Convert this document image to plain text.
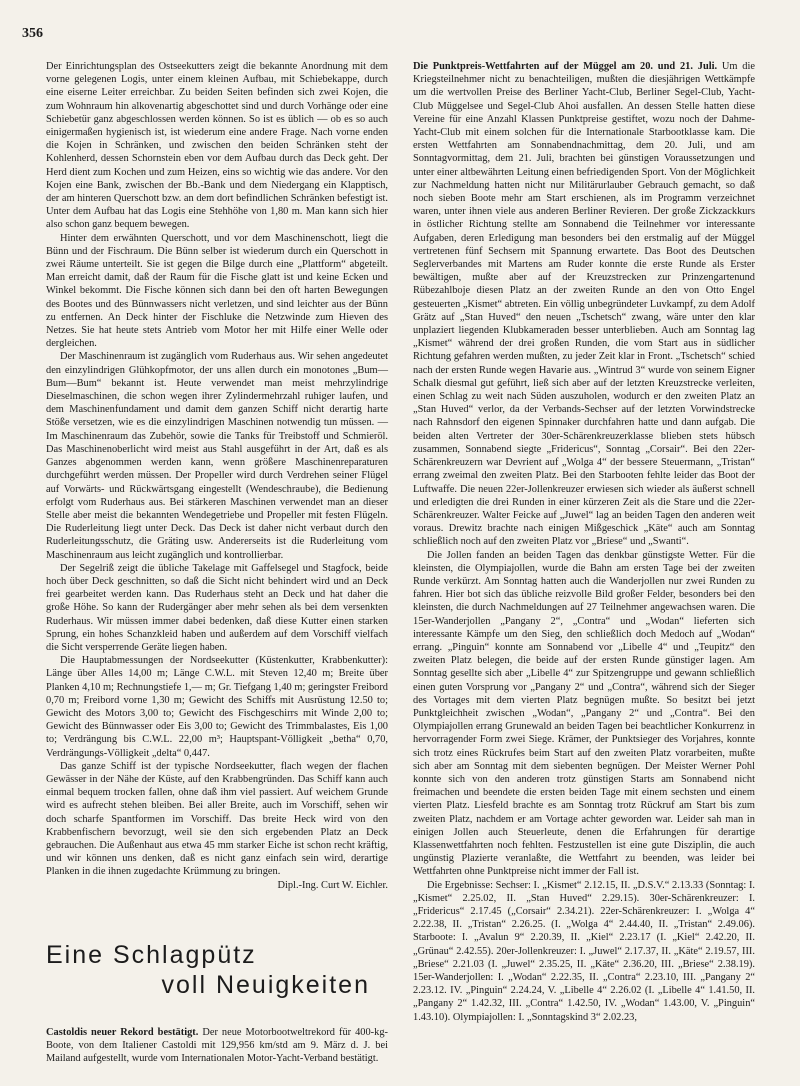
356

Der Einrichtungsplan des Ostseekutters zeigt die bekannte Anordnung mit dem vorne gelegenen Logis, unter einem kleinen Aufbau, mit Schiebekappe, durch eine eiserne Leiter erreichbar. Zu beiden Seiten befinden sich zwei Kojen, die zum Wohnraum hin alkovenartig abgeschottet sind und durch Vorhänge oder eine Schiebetür ganz abgeschlossen werden können. So ist es üblich — ob es so auch einigermaßen hygienisch ist, ist wiederum eine andere Frage. Nach vorne enden die Kojen in Schränken, und zwischen den beiden Schränken steht der Kohlenherd, dessen Schornstein eben vor dem Aufbau durch das Deck geht. Der Herd dient zum Kochen und zum Heizen, eins so wichtig wie das andere. Vor den Kojen eine Bank, zwischen der Bb.-Bank und dem Niedergang ein Klapptisch, der am hinteren Querschott bzw. an dem dort befindlichen Schränken befestigt ist. Unter dem Aufbau hat das Logis eine Stehhöhe von 1,80 m. Man kann sich hier also schon ganz bequem bewegen.

Hinter dem erwähnten Querschott, und vor dem Maschinenschott, liegt die Bünn und der Fischraum. Die Bünn selber ist wiederum durch ein Querschott in zwei Räume unterteilt. Sie ist gegen die Bilge durch eine „Plattform“ abgeteilt. Man erreicht damit, daß der Raum für die Fische glatt ist und keine Ecken und Winkel bekommt. Die Fische können sich dann bei den oft harten Bewegungen des Bootes und des Bünnwassers nicht verletzen, und sind leichter aus der Bünn zu entfernen. An Deck hinter der Fischluke die Netzwinde zum Hieven des Netzes. Sie hat heute stets Antrieb vom Motor her mit Hilfe einer Welle oder dergleichen.

Der Maschinenraum ist zugänglich vom Ruderhaus aus. Wir sehen angedeutet den einzylindrigen Glühkopfmotor, der uns allen durch ein monotones „Bum—Bum—Bum“ bekannt ist. Heute verwendet man meist mehrzylindrige Dieselmaschinen, die schon wegen ihrer Zylindermehrzahl ruhiger laufen, und dem Maschinenfundament und damit dem ganzen Schiff nicht derartig harte Stöße versetzen, wie es die einzylindrigen Maschinen notwendig tun müssen. — Im Maschinenraum das Zubehör, sowie die Tanks für Treibstoff und Schmieröl. Das Maschinenoberlicht wird meist aus Stahl ausgeführt in der Art, daß es als Ganzes abgenommen werden kann, wenn größere Maschinenreparaturen durchgeführt werden müssen. Der Propeller wird durch Verdrehen seiner Flügel auf Vorwärts- und Rückwärtsgang eingestellt (Wendeschraube), die Bedienung erfolgt vom Ruderhaus aus. Bei stärkeren Maschinen verwendet man an dieser Stelle aber meist die bekannten Wendegetriebe und Propeller mit festen Flügeln. Die Ruderleitung liegt unter Deck. Das Deck ist daher nicht verbaut durch den Ruderleitungsschutz, die Gräting usw. Andererseits ist die Ruderleitung vom Maschinenraum aus leicht zugänglich und kontrollierbar.

Der Segelriß zeigt die übliche Takelage mit Gaffelsegel und Stagfock, beide hoch über Deck geschnitten, so daß die Sicht nicht behindert wird und an Deck frei gearbeitet werden kann. Das Ruderhaus steht an Deck und hat daher die große Höhe. So kann der Rudergänger aber mehr sehen als bei dem versenkten Ruderhaus. Wir müssen immer dabei bedenken, daß diese Kutter einen starken Sprung, ein hohes Schanzkleid haben und außerdem auf dem Vorschiff vielfach die Sicht versperrende Geräte liegen haben.

Die Hauptabmessungen der Nordseekutter (Küstenkutter, Krabbenkutter): Länge über Alles 14,00 m; Länge C.W.L. mit Steven 12,40 m; Breite über Planken 4,10 m; Rechnungstiefe 1,— m; Gr. Tiefgang 1,40 m; geringster Freibord 0,70 m; Freibord vorne 1,30 m; Gewicht des Schiffs mit Ausrüstung 12.50 to; Gewicht des Motors 3,00 to; Gewicht des Fischgeschirrs mit Winde 2,00 to; Gewicht des Bünnwasser oder Eis 3,00 to; Gewicht des Trimmbalastes, Eis 1,00 to; Verdrängung bis C.W.L. 22,00 m³; Hauptspant-Völligkeit „betha“ 0,70, Verdrängungs-Völligkeit „delta“ 0,447.

Das ganze Schiff ist der typische Nordseekutter, flach wegen der flachen Gewässer in der Nähe der Küste, auf den Krabbengründen. Das Schiff kann auch einmal bequem trocken fallen, ohne daß ihm viel passiert. Auf weichem Grunde wird es aufrecht stehen bleiben. Bei aller Breite, auch im Vorschiff, sehen wir doch scharfe Spantformen im Vorschiff. Das breite Heck wird von den Krabbenfischern bevorzugt, weil sie den sich ergebenden Platz an Deck gebrauchen. Die Außenhaut aus etwa 45 mm starker Eiche ist schon recht kräftig, und wir können uns denken, daß es nicht ganz einfach sein wird, derartige Planken in die ihnen zugedachte Krümmung zu bringen.

Dipl.-Ing. Curt W. Eichler.
Eine Schlagpütz
voll Neuigkeiten
Castoldis neuer Rekord bestätigt. Der neue Motorbootweltrekord für 400-kg-Boote, von dem Italiener Castoldi mit 129,956 km/std am 9. März d. J. bei Mailand aufgestellt, wurde vom Internationalen Motor-Yacht-Verband bestätigt.

Die Punktpreis-Wettfahrten auf der Müggel am 20. und 21. Juli. Um die Kriegsteilnehmer nicht zu benachteiligen, mußten die diesjährigen Wettkämpfe um die wertvollen Preise des Berliner Yacht-Club, Berliner Segel-Club, Yacht-Club Müggelsee und Segel-Club Ahoi ausfallen. An dessen Stelle hatten diese Vereine für eine Anzahl Klassen Punktpreise gestiftet, wozu noch der Dahme-Yacht-Club mit einem solchen für die Internationale Starbootklasse kam. Die ersten Wettfahrten am Sonnabendnachmittag, dem 20. Juli, und am Sonntagvormittag, dem 21. Juli, brachten bei günstigen Voraussetzungen und unter einer altbewährten Leitung einen befriedigenden Sport. Von der Möglichkeit zur Nachmeldung hatten nicht nur Militärurlauber Gebrauch gemacht, so daß noch sieben Boote mehr am Start erschienen, als im Programm verzeichnet waren, unter ihnen viele aus anderen Berliner Revieren. Der große Zickzackkurs in östlicher Richtung stellte am Sonnabend die Teilnehmer vor interessante Aufgaben, deren Erledigung man besonders bei den erstmalig auf der Müggel vertretenen fünf Sechsern mit Spannung erwartete. Das Boot des Deutschen Seglerverbandes mit Martens am Ruder konnte die erste Runde als Erster bewältigen, mußte aber auf der Kreuzstrecken zur Prinzengartenund Rübezahlboje diesen Platz an der zweiten Runde an den von Otto Engel gesteuerten „Kismet“ abtreten. Ein völlig unbegründeter Luvkampf, zu dem Adolf Grätz auf „Stan Huved“ den neuen „Tschetsch“ zwang, wäre unter den klar unplaziert liegenden Klubkameraden besser unterblieben. Auch am Sonntag lag „Kismet“ während der drei großen Runden, die vom Start aus in südlicher Richtung gefahren werden mußten, zu jeder Zeit klar in Front. „Tschetsch“ schied nach der ersten Runde wegen Havarie aus. „Wintrud 3“ wurde von seinem Eigner Schalk diesmal gut geführt, ließ sich aber auf der letzten Kreuzstrecke verleiten, einen Schlag zu weit nach Süden auszuholen, wodurch er den zweiten Platz an „Stan Huved“ verlor, da der Verbands-Sechser auf der letzten Vorwindstrecke nach Rahnsdorf den eigenen Spinnaker durchfahren hatte und dann aufgab. Die beiden alten Vertreter der 30er-Schärenkreuzerklasse blieben stets hübsch zusammen, Sonnabend siegte „Fridericus“, Sonntag „Corsair“. Bei den 22er-Schärenkreuzern war Devrient auf „Wolga 4“ der bessere Steuermann, „Tristan“ errang zweimal den zweiten Platz. Bei den Starbooten fehlte leider das Boot der Luftwaffe. Die neuen 22er-Jollenkreuzer erwiesen sich wieder als äußerst schnell und erledigten die drei Runden in einer kürzeren Zeit als die Stare und die 22er-Schärenkreuzer. Walter Feicke auf „Juwel“ lag an beiden Tagen den anderen weit voraus. Drewitz brachte nach einigen Mißgeschick „Käte“ auch am Sonntag schließlich noch auf den zweiten Platz vor „Briese“ und „Swanti“.

Die Jollen fanden an beiden Tagen das denkbar günstigste Wetter. Für die kleinsten, die Olympiajollen, wurde die Bahn am ersten Tage bei der zweiten Runde verkürzt. Am Sonntag hatten auch die Wanderjollen nur zwei Runden zu fahren. Hier bot sich das übliche reizvolle Bild großer Felder, besonders bei den kleinsten, die durch Nachmeldungen auf 27 Teilnehmer angewachsen waren. Die 15er-Wanderjollen „Pangany 2“, „Contra“ und „Wodan“ lieferten sich interessante Kämpfe um den Sieg, den schließlich doch Medoch auf „Wodan“ errang. „Pinguin“ konnte am Sonnabend vor „Libelle 4“ und „Teupitz“ den zweiten Platz belegen, die beide auf der ersten Runde günstiger lagen. Am Sonntag gesellte sich aber „Libelle 4“ zur Spitzengruppe und gewann schließlich einen guten Vorsprung vor „Pangany 2“ und „Contra“, während sich der Sieger des Vortages mit dem vierten Platz begnügen mußte. So besitzt bei jetzt Punktgleichheit zwischen „Wodan“, „Pangany 2“ und „Contra“. Bei den Olympiajollen errang Grunewald an beiden Tagen bei beachtlicher Konkurrenz in hervorragender Form zwei Siege. Krämer, der Punktsieger des Vorjahres, konnte sich trotz eines Rückrufes beim Start auf den zweiten Platz vorarbeiten, mußte sich aber am Sonntag mit dem siebenten begnügen. Der Meister Werner Pohl konnte sich von den anderen trotz günstigen Starts am Sonnabend nicht freimachen und beendete die ersten beiden Tage mit einem sechsten und einem vierten Platz. Liesfeld brachte es am Sonntag trotz Rückruf am Start bis zum zweiten Platz, nachdem er am Vortage achter geworden war. Leider sah man in einigen Jollen auch Steuerleute, denen die Erfahrungen für derartige Klassenwettfahrten noch fehlten. Festzustellen ist eine gute Disziplin, die auch ungünstig Plazierte veranlaßte, die Wettfahrt zu beenden, was leider bei Wettfahrten ohne Punktpreise nicht immer der Fall ist.

Die Ergebnisse: Sechser: I. „Kismet“ 2.12.15, II. „D.S.V.“ 2.13.33 (Sonntag: I. „Kismet“ 2.25.02, II. „Stan Huved“ 2.29.15). 30er-Schärenkreuzer: I. „Fridericus“ 2.17.45 („Corsair“ 2.34.21). 22er-Schärenkreuzer: I. „Wolga 4“ 2.22.38, II. „Tristan“ 2.26.25. (I. „Wolga 4“ 2.44.40, II. „Tristan“ 2.49.06). Starboote: I. „Avalun 9“ 2.20.39, II. „Kiel“ 2.23.17 (I. „Kiel“ 2.42.20, II. „Grünau“ 2.42.55). 20er-Jollenkreuzer: I. „Juwel“ 2.17.37, II. „Käte“ 2.19.57, III. „Briese“ 2.21.03 (I. „Juwel“ 2.35.25, II. „Käte“ 2.36.20, III. „Briese“ 2.38.19). 15er-Wanderjollen: I. „Wodan“ 2.22.35, II. „Contra“ 2.23.10, III. „Pangany 2“ 2.23.12. IV. „Pinguin“ 2.24.24, V. „Libelle 4“ 2.26.02 (I. „Libelle 4“ 1.41.50, II. „Pangany 2“ 1.42.32, III. „Contra“ 1.42.50, IV. „Wodan“ 1.43.00, V. „Pinguin“ 1.43.10). Olympiajollen: I. „Sonntagskind 3“ 2.02.23,
